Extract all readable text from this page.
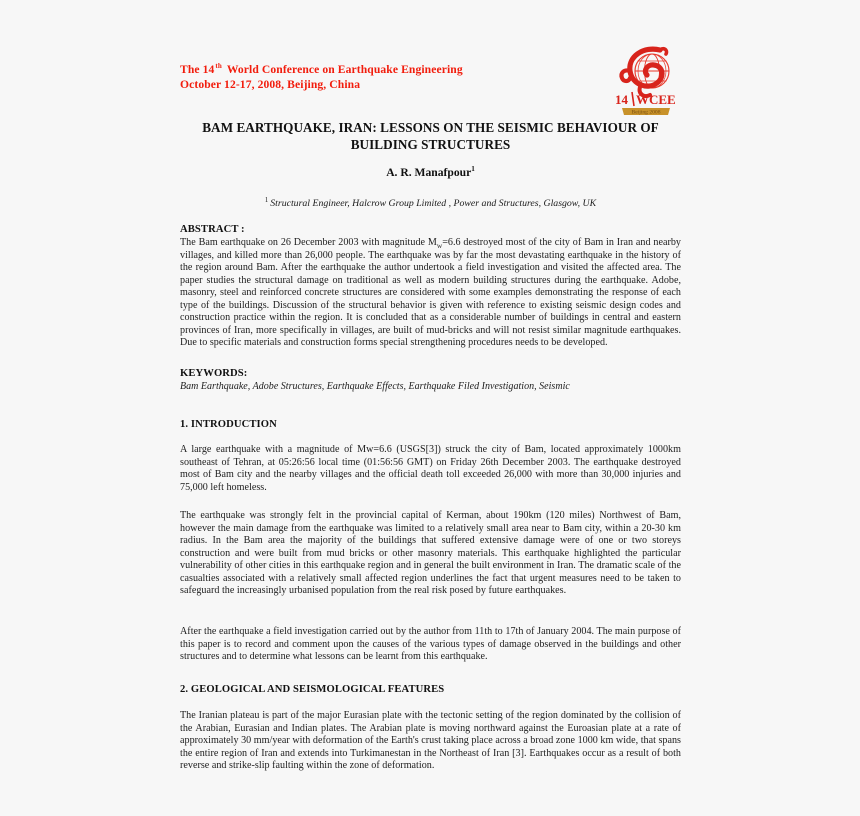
The 14th World Conference on Earthquake Engineering
October 12-17, 2008, Beijing, China
14 WCEE
Beijing 2008
BAM EARTHQUAKE, IRAN: LESSONS ON THE SEISMIC BEHAVIOUR OF BUILDING STRUCTURES
A. R. Manafpour$^1$
$^1$ Structural Engineer, Halcrow Group Limited , Power and Structures, Glasgow, UK
ABSTRACT :
The Bam earthquake on 26 December 2003 with magnitude $M_w=6.6$ destroyed most of the city of Bam in Iran and nearby villages, and killed more than 26,000 people. The earthquake was by far the most devastating earthquake in the history of the region around Bam. After the earthquake the author undertook a field investigation and visited the affected area. The paper studies the structural damage on traditional as well as modern building structures during the earthquake. Adobe, masonry, steel and reinforced concrete structures are considered with some examples demonstrating the response of each type of the buildings. Discussion of the structural behavior is given with reference to existing seismic design codes and construction practice within the region. It is concluded that as a considerable number of buildings in central and eastern provinces of Iran, more specifically in villages, are built of mud-bricks and will not resist similar magnitude earthquakes. Due to specific materials and construction forms special strengthening procedures needs to be developed.
KEYWORDS:
Bam Earthquake, Adobe Structures, Earthquake Effects, Earthquake Filed Investigation, Seismic
1. INTRODUCTION
A large earthquake with a magnitude of Mw=6.6 (USGS[3]) struck the city of Bam, located approximately 1000km southeast of Tehran, at 05:26:56 local time (01:56:56 GMT) on Friday 26th December 2003. The earthquake destroyed most of Bam city and the nearby villages and the official death toll exceeded 26,000 with more than 30,000 injuries and 75,000 left homeless.
The earthquake was strongly felt in the provincial capital of Kerman, about 190km (120 miles) Northwest of Bam, however the main damage from the earthquake was limited to a relatively small area near to Bam city, within a 20-30 km radius. In the Bam area the majority of the buildings that suffered extensive damage were of one or two storeys construction and were built from mud bricks or other masonry materials. This earthquake highlighted the particular vulnerability of other cities in this earthquake region and in general the built environment in Iran. The dramatic scale of the casualties associated with a relatively small affected region underlines the fact that urgent measures need to be taken to safeguard the increasingly urbanised population from the real risk posed by future earthquakes.
After the earthquake a field investigation carried out by the author from 11th to 17th of January 2004. The main purpose of this paper is to record and comment upon the causes of the various types of damage observed in the buildings and other structures and to determine what lessons can be learnt from this earthquake.
2. GEOLOGICAL AND SEISMOLOGICAL FEATURES
The Iranian plateau is part of the major Eurasian plate with the tectonic setting of the region dominated by the collision of the Arabian, Eurasian and Indian plates. The Arabian plate is moving northward against the Euroasian plate at a rate of approximately 30 mm/year with deformation of the Earth's crust taking place across a broad zone 1000 km wide, that spans the entire region of Iran and extends into Turkimanestan in the Northeast of Iran [3]. Earthquakes occur as a result of both reverse and strike-slip faulting within the zone of deformation.
